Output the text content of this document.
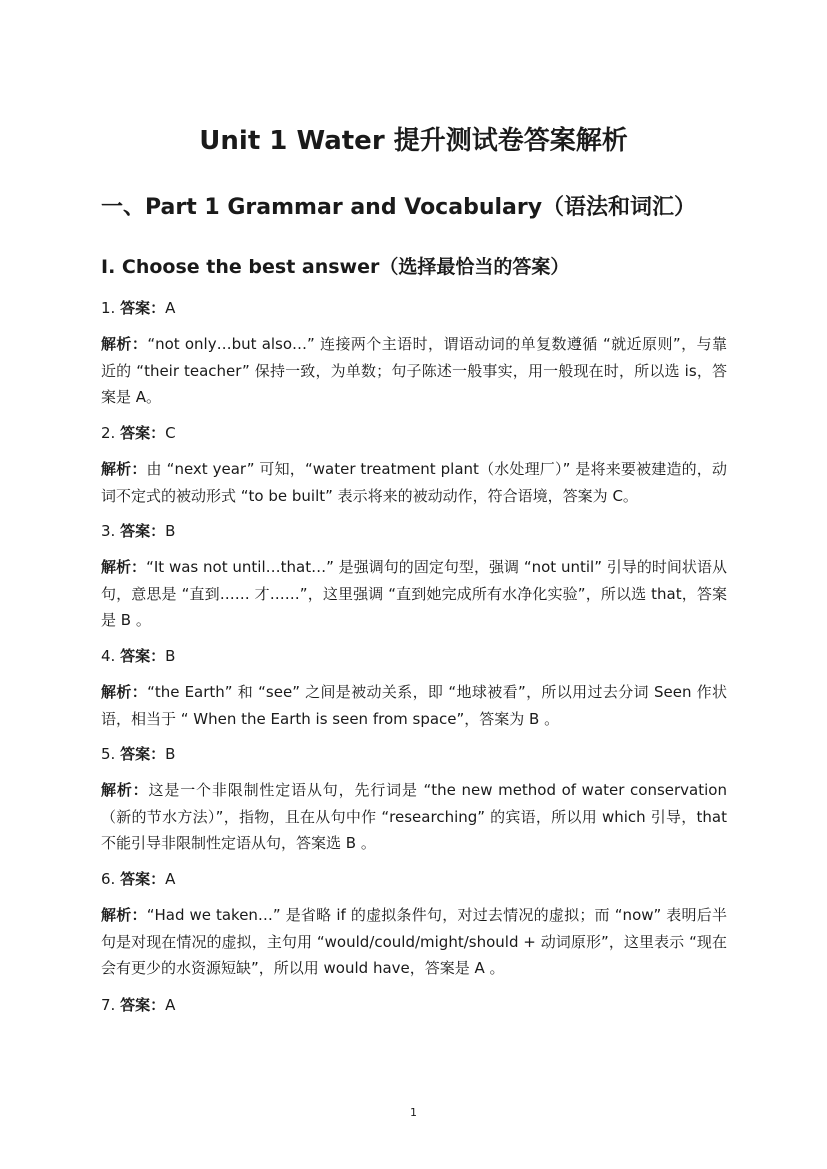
Unit 1 Water 提升测试卷答案解析
一、Part 1 Grammar and Vocabulary（语法和词汇）
I. Choose the best answer（选择最恰当的答案）

1. 答案：A

解析：“not only…but also…” 连接两个主语时，谓语动词的单复数遵循 “就近原则”，与靠近的 “their teacher” 保持一致，为单数；句子陈述一般事实，用一般现在时，所以选 is，答案是 A。

2. 答案：C

解析：由 “next year” 可知，“water treatment plant（水处理厂）” 是将来要被建造的，动词不定式的被动形式 “to be built” 表示将来的被动动作，符合语境，答案为 C。

3. 答案：B

解析：“It was not until…that…” 是强调句的固定句型，强调 “not until” 引导的时间状语从句，意思是 “直到…… 才……”，这里强调 “直到她完成所有水净化实验”，所以选 that，答案是 B 。

4. 答案：B

解析：“the Earth” 和 “see” 之间是被动关系，即 “地球被看”，所以用过去分词 Seen 作状语，相当于 “ When the Earth is seen from space”，答案为 B 。

5. 答案：B

解析：这是一个非限制性定语从句，先行词是 “the new method of water conservation（新的节水方法）”，指物，且在从句中作 “researching” 的宾语，所以用 which 引导，that 不能引导非限制性定语从句，答案选 B 。

6. 答案：A

解析：“Had we taken…” 是省略 if 的虚拟条件句，对过去情况的虚拟；而 “now” 表明后半句是对现在情况的虚拟，主句用 “would/could/might/should + 动词原形”，这里表示 “现在会有更少的水资源短缺”，所以用 would have，答案是 A 。

7. 答案：A

1
